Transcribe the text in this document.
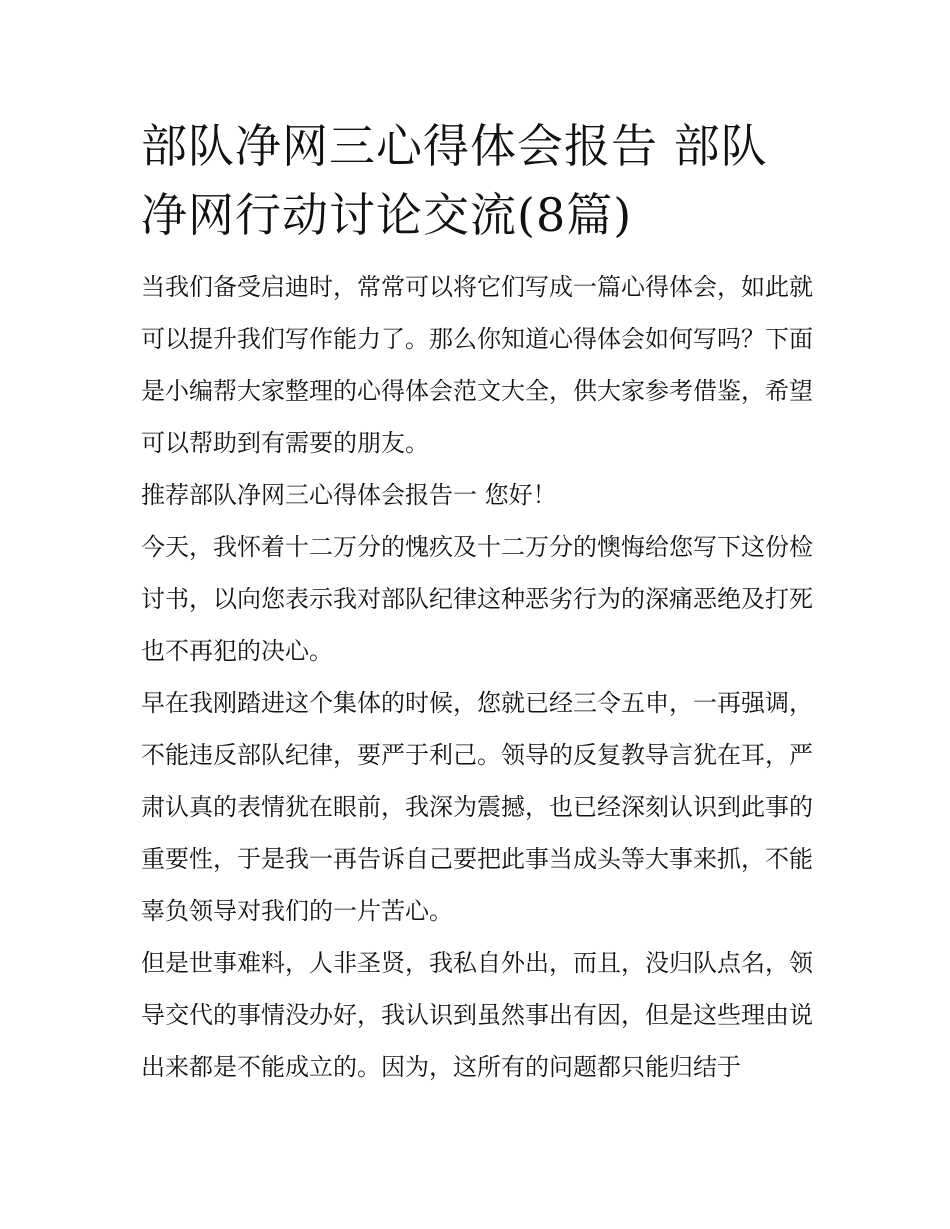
部队净网三心得体会报告 部队净网行动讨论交流(8篇)

当我们备受启迪时，常常可以将它们写成一篇心得体会，如此就可以提升我们写作能力了。那么你知道心得体会如何写吗？下面是小编帮大家整理的心得体会范文大全，供大家参考借鉴，希望可以帮助到有需要的朋友。

推荐部队净网三心得体会报告一 您好！

今天，我怀着十二万分的愧疚及十二万分的懊悔给您写下这份检讨书，以向您表示我对部队纪律这种恶劣行为的深痛恶绝及打死也不再犯的决心。

早在我刚踏进这个集体的时候，您就已经三令五申，一再强调，不能违反部队纪律，要严于利己。领导的反复教导言犹在耳，严肃认真的表情犹在眼前，我深为震撼，也已经深刻认识到此事的重要性，于是我一再告诉自己要把此事当成头等大事来抓，不能辜负领导对我们的一片苦心。

但是世事难料，人非圣贤，我私自外出，而且，没归队点名，领导交代的事情没办好，我认识到虽然事出有因，但是这些理由说出来都是不能成立的。因为，这所有的问题都只能归结于
